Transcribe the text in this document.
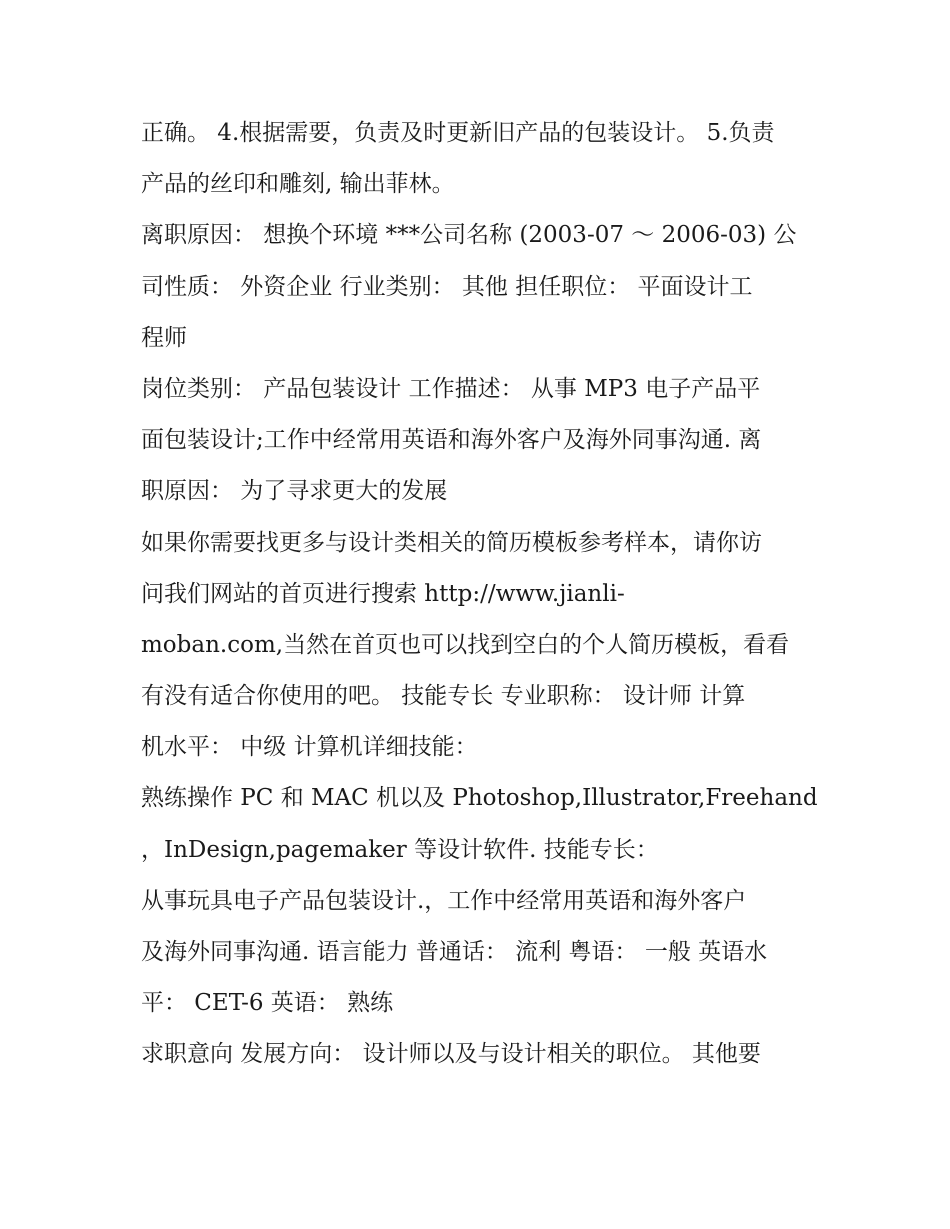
正确。 4.根据需要，负责及时更新旧产品的包装设计。 5.负责
产品的丝印和雕刻, 输出菲林。
离职原因： 想换个环境 ***公司名称 (2003-07 ～ 2006-03) 公
司性质： 外资企业 行业类别： 其他 担任职位： 平面设计工
程师
岗位类别： 产品包装设计 工作描述： 从事 MP3 电子产品平
面包装设计;工作中经常用英语和海外客户及海外同事沟通. 离
职原因： 为了寻求更大的发展
如果你需要找更多与设计类相关的简历模板参考样本，请你访
问我们网站的首页进行搜索 http://www.jianli-
moban.com,当然在首页也可以找到空白的个人简历模板，看看
有没有适合你使用的吧。 技能专长 专业职称： 设计师 计算
机水平： 中级 计算机详细技能：
熟练操作 PC 和 MAC 机以及 Photoshop,Illustrator,Freehand
，InDesign,pagemaker 等设计软件. 技能专长：
从事玩具电子产品包装设计.，工作中经常用英语和海外客户
及海外同事沟通. 语言能力 普通话： 流利 粤语： 一般 英语水
平： CET-6 英语： 熟练
求职意向 发展方向： 设计师以及与设计相关的职位。 其他要
